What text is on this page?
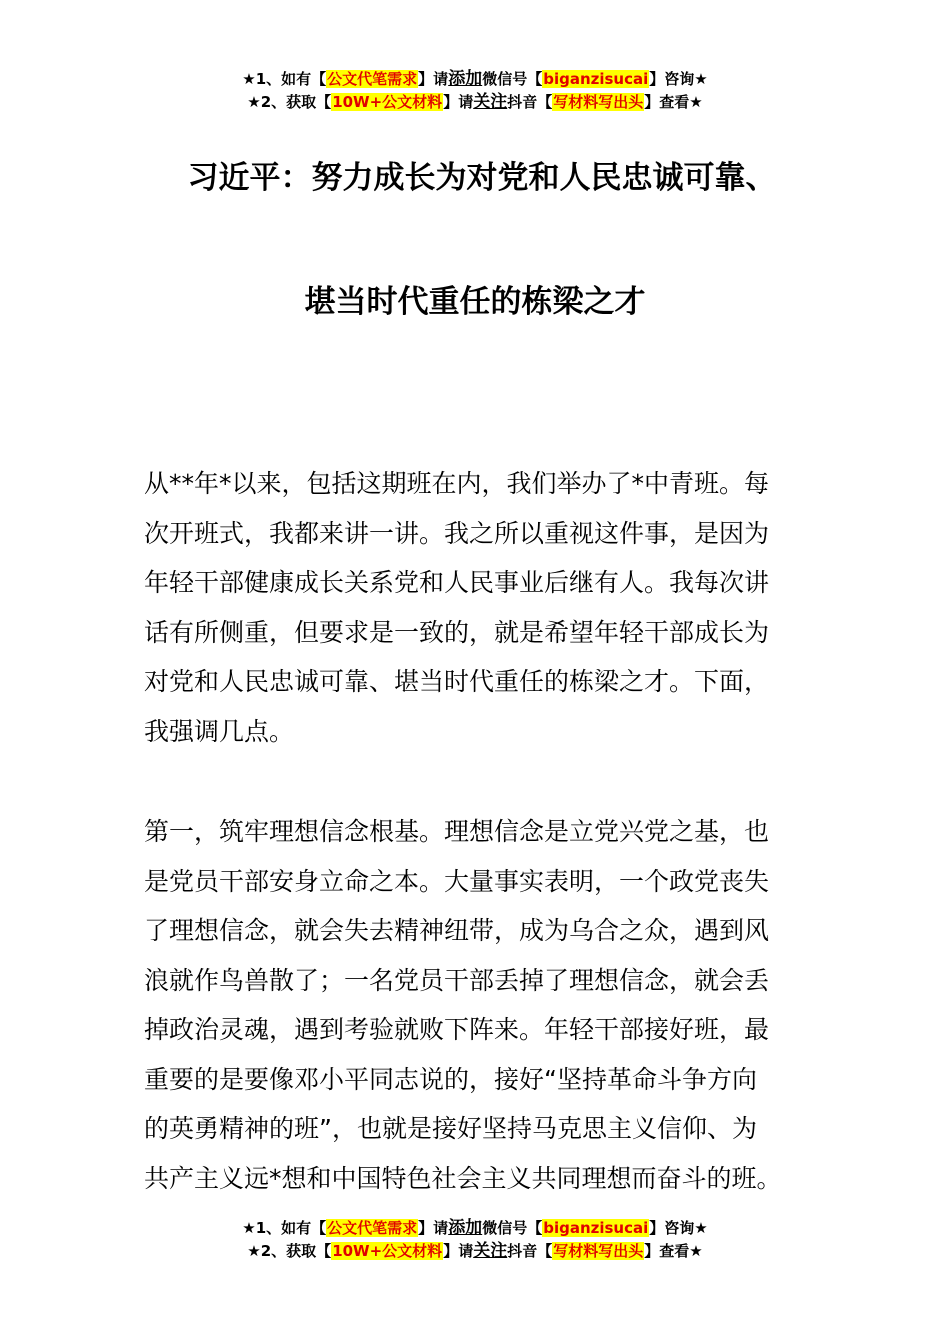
★1、如有【公文代笔需求】请添加微信号【biganzisucai】咨询★
★2、获取【10W+公文材料】请关注抖音【写材料写出头】查看★
习近平：努力成长为对党和人民忠诚可靠、
堪当时代重任的栋梁之才
从**年*以来，包括这期班在内，我们举办了*中青班。每
次开班式，我都来讲一讲。我之所以重视这件事，是因为
年轻干部健康成长关系党和人民事业后继有人。我每次讲
话有所侧重，但要求是一致的，就是希望年轻干部成长为
对党和人民忠诚可靠、堪当时代重任的栋梁之才。下面，
我强调几点。
第一，筑牢理想信念根基。理想信念是立党兴党之基，也
是党员干部安身立命之本。大量事实表明，一个政党丧失
了理想信念，就会失去精神纽带，成为乌合之众，遇到风
浪就作鸟兽散了；一名党员干部丢掉了理想信念，就会丢
掉政治灵魂，遇到考验就败下阵来。年轻干部接好班，最
重要的是要像邓小平同志说的，接好“坚持革命斗争方向
的英勇精神的班”，也就是接好坚持马克思主义信仰、为
共产主义远*想和中国特色社会主义共同理想而奋斗的班。
★1、如有【公文代笔需求】请添加微信号【biganzisucai】咨询★
★2、获取【10W+公文材料】请关注抖音【写材料写出头】查看★
